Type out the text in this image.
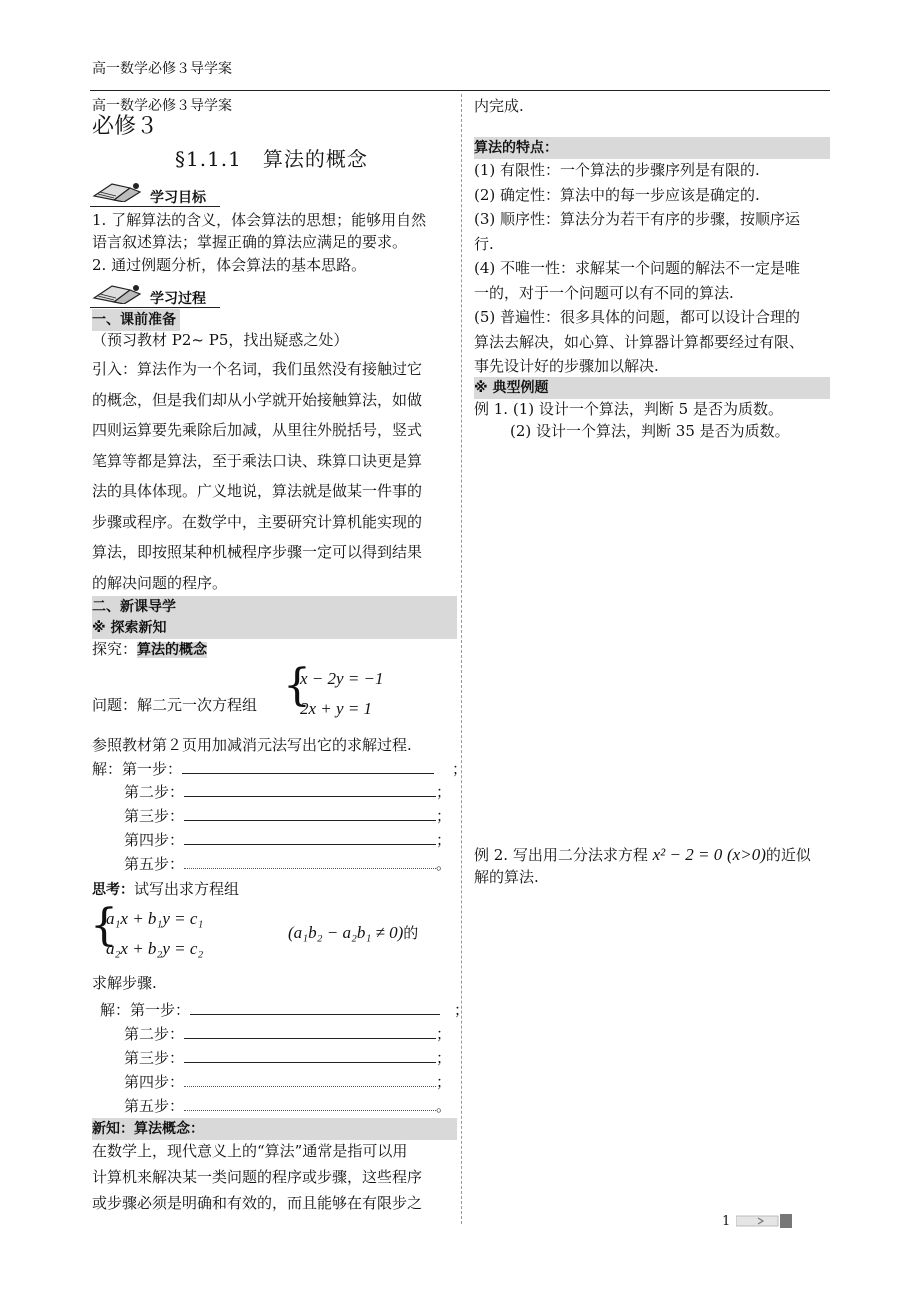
高一数学必修３导学案
高一数学必修３导学案
必修３
§1.1.1　算法的概念
学习目标
1. 了解算法的含义，体会算法的思想；能够用自然
语言叙述算法；掌握正确的算法应满足的要求。
2. 通过例题分析，体会算法的基本思路。
学习过程
一、课前准备
（预习教材 P2~ P5，找出疑惑之处）
引入：算法作为一个名词，我们虽然没有接触过它
的概念，但是我们却从小学就开始接触算法，如做
四则运算要先乘除后加减，从里往外脱括号，竖式
笔算等都是算法，至于乘法口诀、珠算口诀更是算
法的具体体现。广义地说，算法就是做某一件事的
步骤或程序。在数学中，主要研究计算机能实现的
算法，即按照某种机械程序步骤一定可以得到结果
的解决问题的程序。
二、新课导学
※ 探索新知
探究：算法的概念
问题：解二元一次方程组 {
x − 2y = −1
2x + y = 1
参照教材第２页用加减消元法写出它的求解过程.
解：第一步：	；
第二步：	；
第三步：	；
第四步：	；
第五步：	。
思考：试写出求方程组
{
a₁x + b₁y = c₁
a₂x + b₂y = c₂
(a₁b₂ − a₂b₁ ≠ 0)的
求解步骤.
解：第一步：	；
第二步：	；
第三步：	；
第四步：	；
第五步：	。
新知：算法概念：
在数学上，现代意义上的“算法”通常是指可以用
计算机来解决某一类问题的程序或步骤，这些程序
或步骤必须是明确和有效的，而且能够在有限步之
内完成.
算法的特点：
(1) 有限性：一个算法的步骤序列是有限的.
(2) 确定性：算法中的每一步应该是确定的.
(3) 顺序性：算法分为若干有序的步骤，按顺序运
行.
(4) 不唯一性：求解某一个问题的解法不一定是唯
一的，对于一个问题可以有不同的算法.
(5) 普遍性：很多具体的问题，都可以设计合理的
算法去解决，如心算、计算器计算都要经过有限、
事先设计好的步骤加以解决.
※ 典型例题
例 1. (1) 设计一个算法，判断 5 是否为质数。
(2) 设计一个算法，判断 35 是否为质数。
例 2. 写出用二分法求方程 x² − 2 = 0 (x>0)的近似
解的算法.
1
